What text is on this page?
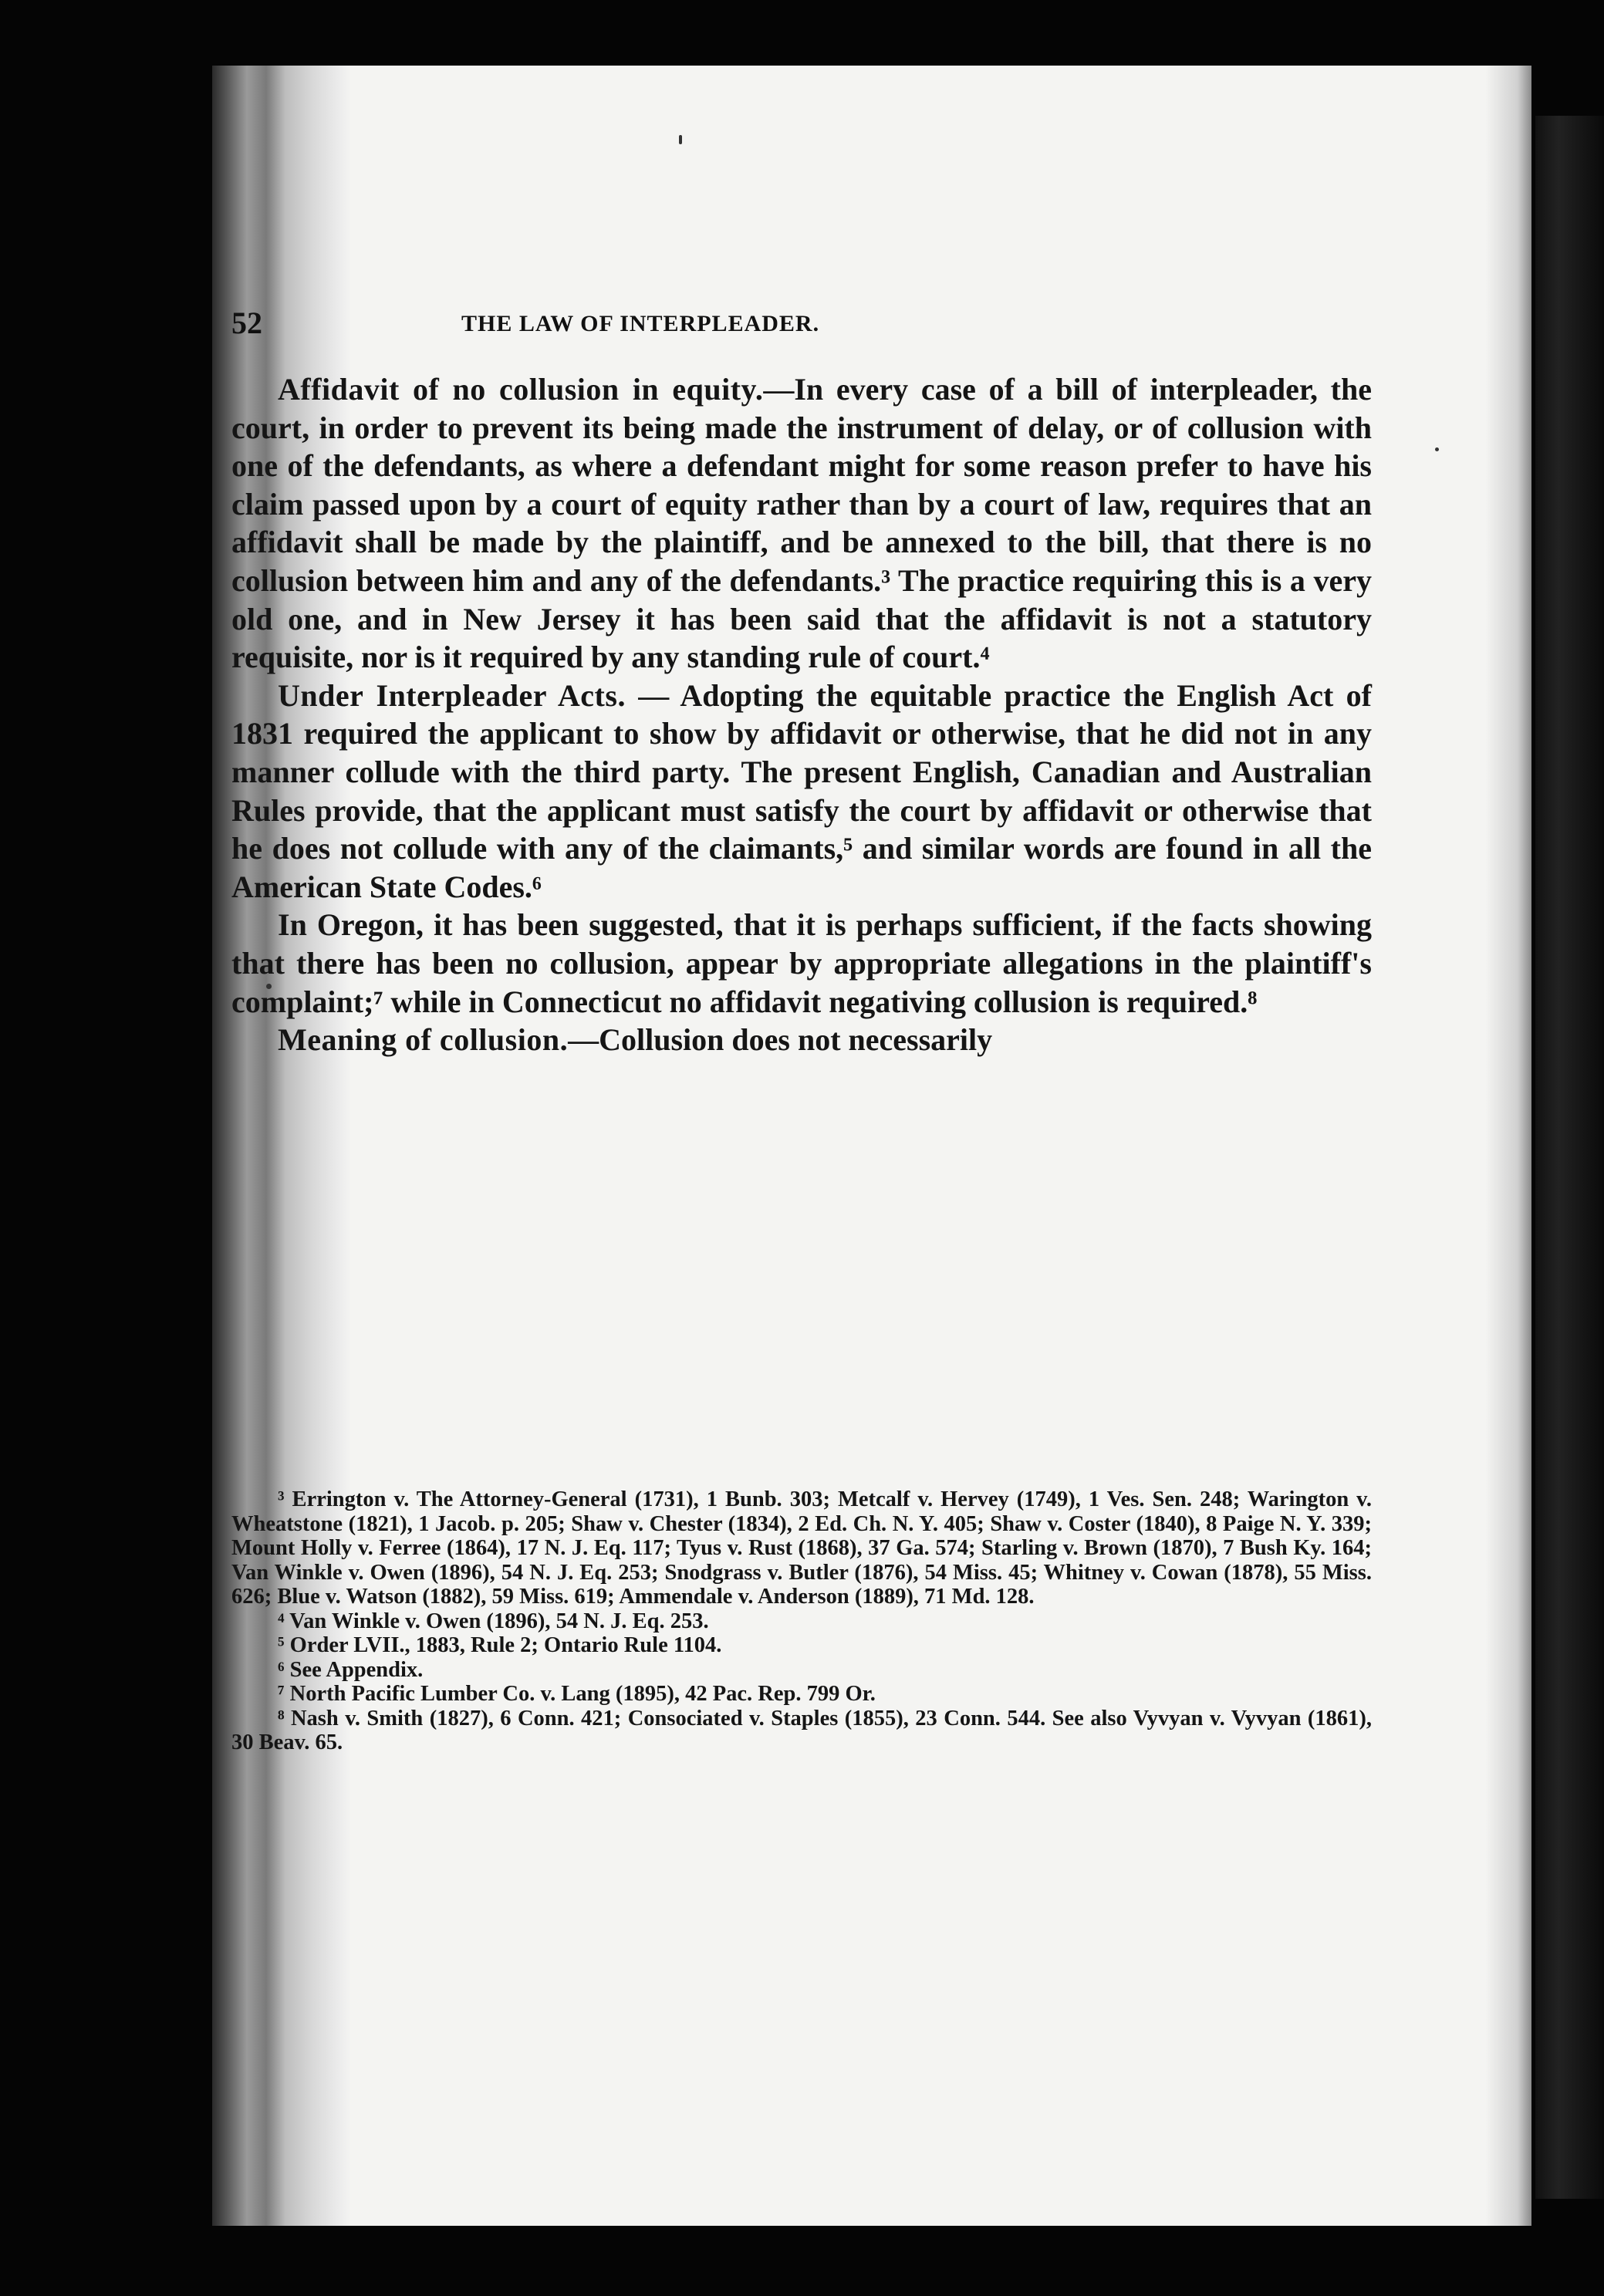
52	THE LAW OF INTERPLEADER.

Affidavit of no collusion in equity.—In every case of a bill of interpleader, the court, in order to prevent its being made the instrument of delay, or of collusion with one of the defendants, as where a defendant might for some reason prefer to have his claim passed upon by a court of equity rather than by a court of law, requires that an affidavit shall be made by the plaintiff, and be annexed to the bill, that there is no collusion between him and any of the defendants.³ The practice requiring this is a very old one, and in New Jersey it has been said that the affidavit is not a statutory requisite, nor is it required by any standing rule of court.⁴

Under Interpleader Acts. — Adopting the equitable practice the English Act of 1831 required the applicant to show by affidavit or otherwise, that he did not in any manner collude with the third party. The present English, Canadian and Australian Rules provide, that the applicant must satisfy the court by affidavit or otherwise that he does not collude with any of the claimants,⁵ and similar words are found in all the American State Codes.⁶

In Oregon, it has been suggested, that it is perhaps sufficient, if the facts showing that there has been no collusion, appear by appropriate allegations in the plaintiff's complaint;⁷ while in Connecticut no affidavit negativing collusion is required.⁸

Meaning of collusion.—Collusion does not necessarily

³ Errington v. The Attorney-General (1731), 1 Bunb. 303; Metcalf v. Hervey (1749), 1 Ves. Sen. 248; Warington v. Wheatstone (1821), 1 Jacob. p. 205; Shaw v. Chester (1834), 2 Ed. Ch. N. Y. 405; Shaw v. Coster (1840), 8 Paige N. Y. 339; Mount Holly v. Ferree (1864), 17 N. J. Eq. 117; Tyus v. Rust (1868), 37 Ga. 574; Starling v. Brown (1870), 7 Bush Ky. 164; Van Winkle v. Owen (1896), 54 N. J. Eq. 253; Snodgrass v. Butler (1876), 54 Miss. 45; Whitney v. Cowan (1878), 55 Miss. 626; Blue v. Watson (1882), 59 Miss. 619; Ammendale v. Anderson (1889), 71 Md. 128.

⁴ Van Winkle v. Owen (1896), 54 N. J. Eq. 253.

⁵ Order LVII., 1883, Rule 2; Ontario Rule 1104.

⁶ See Appendix.

⁷ North Pacific Lumber Co. v. Lang (1895), 42 Pac. Rep. 799 Or.

⁸ Nash v. Smith (1827), 6 Conn. 421; Consociated v. Staples (1855), 23 Conn. 544. See also Vyvyan v. Vyvyan (1861), 30 Beav. 65.
